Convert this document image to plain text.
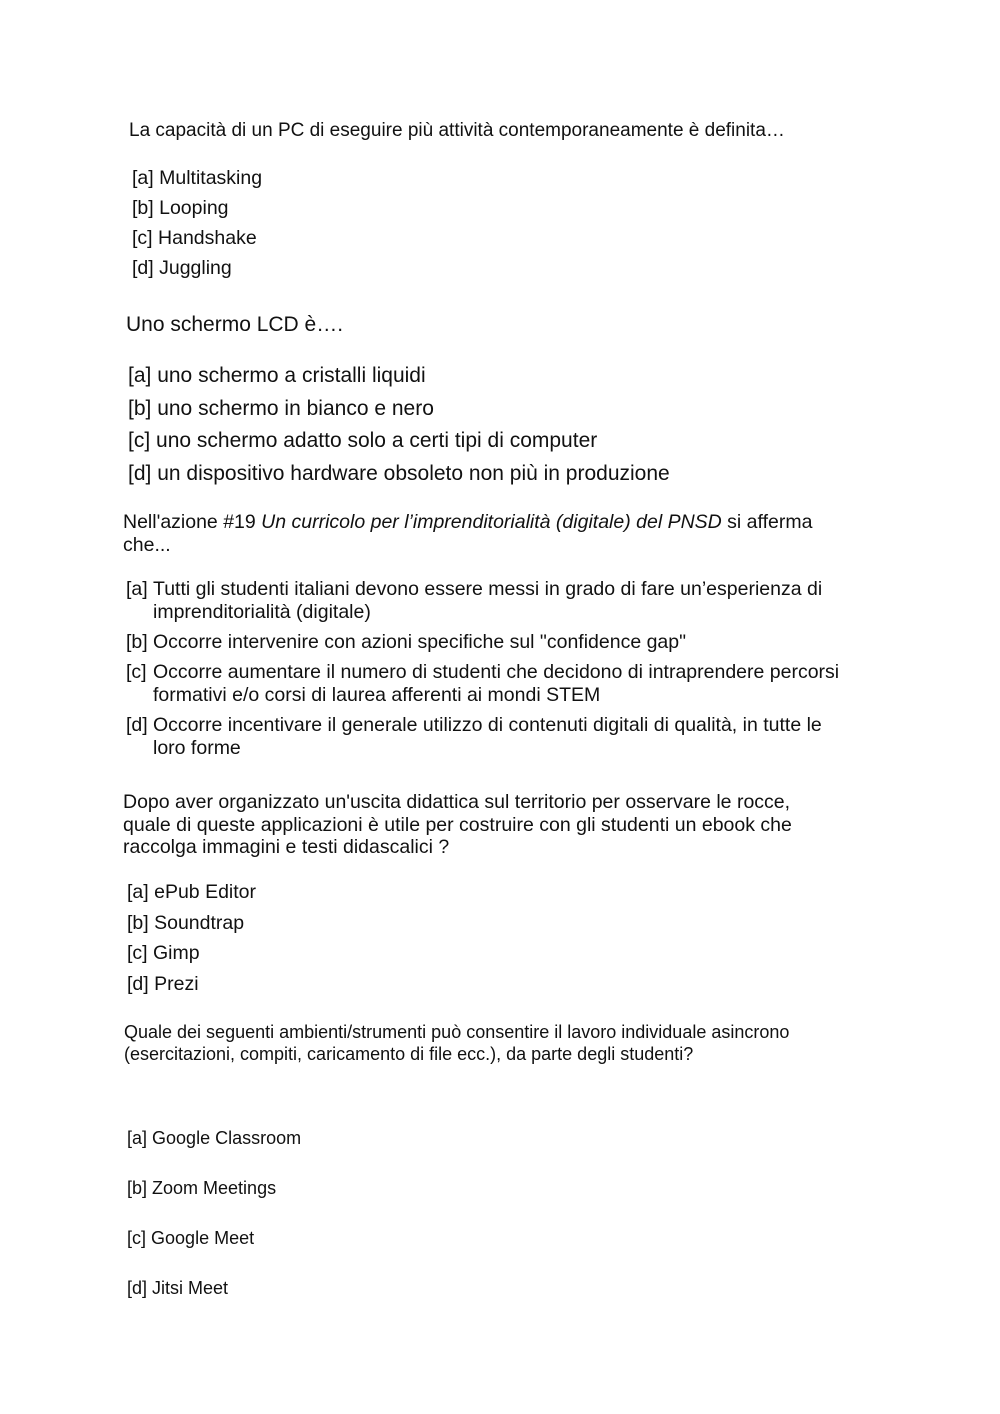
La capacità di un PC di eseguire più attività contemporaneamente è definita…

[a] Multitasking
[b] Looping
[c] Handshake
[d] Juggling

Uno schermo LCD è….

[a] uno schermo a cristalli liquidi
[b] uno schermo in bianco e nero
[c] uno schermo adatto solo a certi tipi di computer
[d] un dispositivo hardware obsoleto non più in produzione

Nell'azione #19 Un curricolo per l’imprenditorialità (digitale) del PNSD si afferma che...

[a] Tutti gli studenti italiani devono essere messi in grado di fare un’esperienza di imprenditorialità (digitale)
[b] Occorre intervenire con azioni specifiche sul "confidence gap"
[c] Occorre aumentare il numero di studenti che decidono di intraprendere percorsi formativi e/o corsi di laurea afferenti ai mondi STEM
[d] Occorre incentivare il generale utilizzo di contenuti digitali di qualità, in tutte le loro forme

Dopo aver organizzato un'uscita didattica sul territorio per osservare le rocce, quale di queste applicazioni è utile per costruire con gli studenti un ebook che raccolga immagini e testi didascalici ?

[a] ePub Editor
[b] Soundtrap
[c] Gimp
[d] Prezi

Quale dei seguenti ambienti/strumenti può consentire il lavoro individuale asincrono (esercitazioni, compiti, caricamento di file ecc.), da parte degli studenti?

[a] Google Classroom
[b] Zoom Meetings
[c] Google Meet
[d] Jitsi Meet
